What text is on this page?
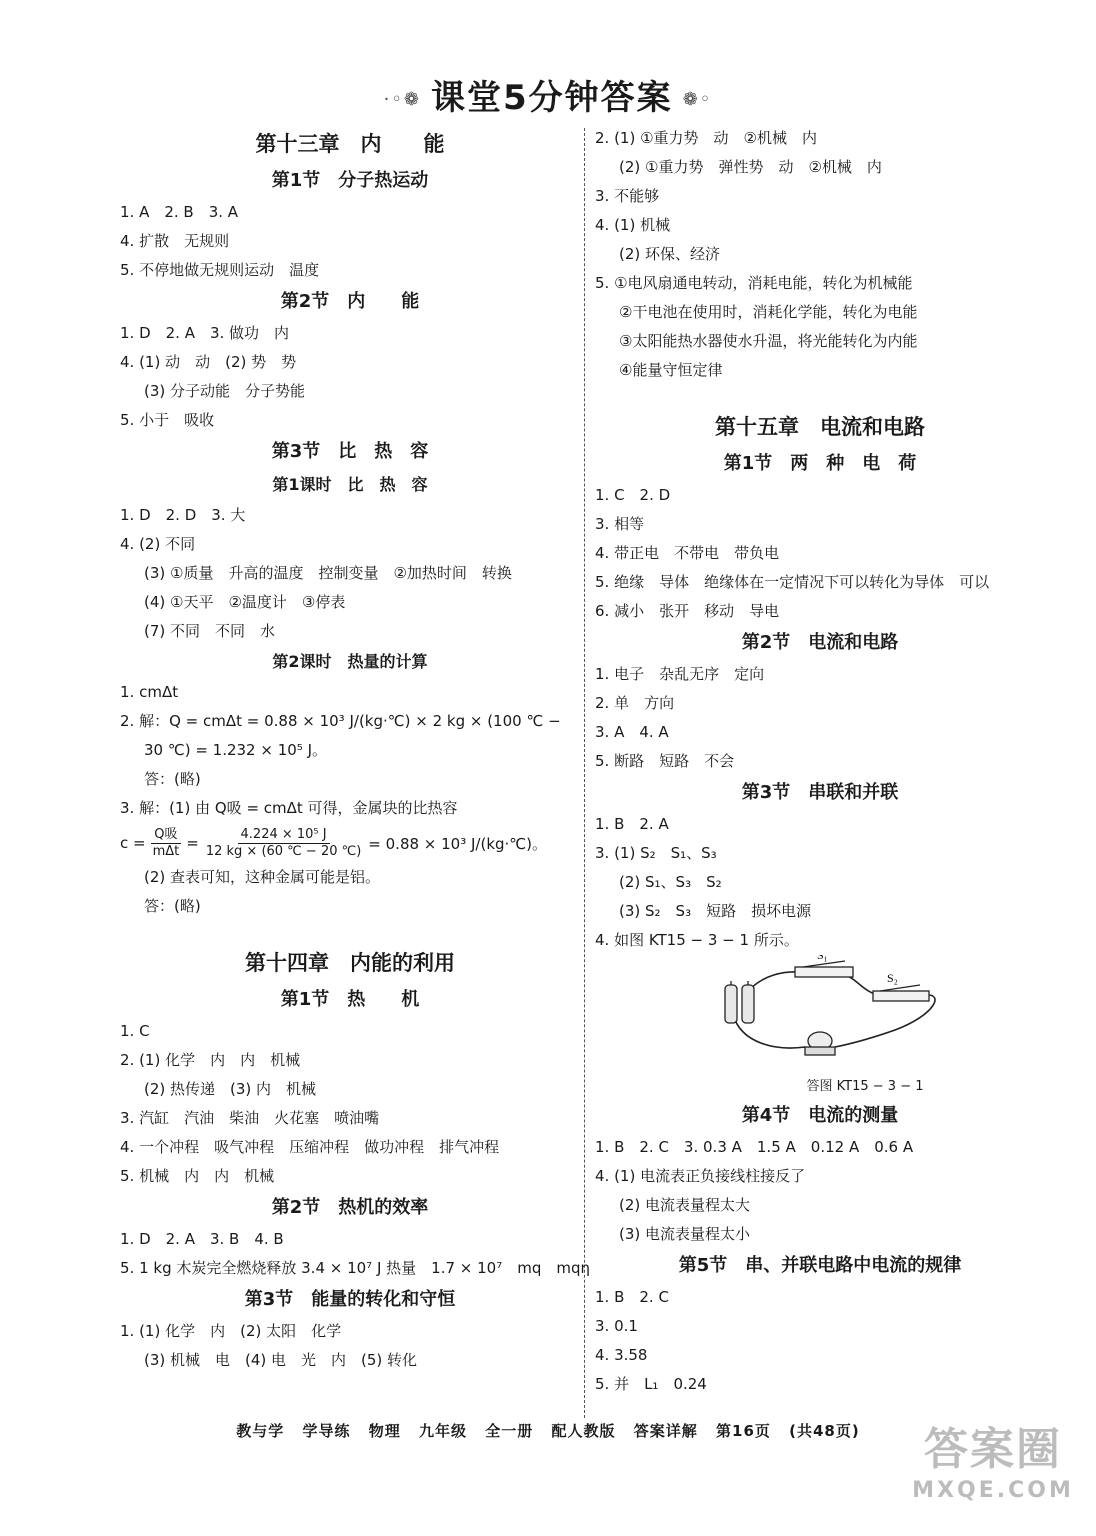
·◦❁ 课堂5分钟答案 ❁◦
第十三章　内　　能
第1节　分子热运动
1. A　2. B　3. A
4. 扩散　无规则
5. 不停地做无规则运动　温度
第2节　内　　能
1. D　2. A　3. 做功　内
4. (1) 动　动　(2) 势　势
(3) 分子动能　分子势能
5. 小于　吸收
第3节　比　热　容
第1课时　比　热　容
1. D　2. D　3. 大
4. (2) 不同
(3) ①质量　升高的温度　控制变量　②加热时间　转换
(4) ①天平　②温度计　③停表
(7) 不同　不同　水
第2课时　热量的计算
1. cmΔt
2. 解：Q = cmΔt = 0.88 × 10³ J/(kg·℃) × 2 kg × (100 ℃ −
30 ℃) = 1.232 × 10⁵ J。
答：(略)
3. 解：(1) 由 Q吸 = cmΔt 可得，金属块的比热容
$c = \frac{\text{Q吸}}{\text{mΔt}} = \frac{\text{4.224 × 10⁵ J}}{12 kg \times (60 ℃ - 20 ℃)} = 0.88 \times 10^3$ J/(kg·℃)。
(2) 查表可知，这种金属可能是铝。
答：(略)
第十四章　内能的利用
第1节　热　　机
1. C
2. (1) 化学　内　内　机械
(2) 热传递　(3) 内　机械
3. 汽缸　汽油　柴油　火花塞　喷油嘴
4. 一个冲程　吸气冲程　压缩冲程　做功冲程　排气冲程
5. 机械　内　内　机械
第2节　热机的效率
1. D　2. A　3. B　4. B
5. 1 kg 木炭完全燃烧释放 3.4 × 10⁷ J 热量　1.7 × 10⁷　mq　mqη
第3节　能量的转化和守恒
1. (1) 化学　内　(2) 太阳　化学
(3) 机械　电　(4) 电　光　内　(5) 转化
2. (1) ①重力势　动　②机械　内
(2) ①重力势　弹性势　动　②机械　内
3. 不能够
4. (1) 机械
(2) 环保、经济
5. ①电风扇通电转动，消耗电能，转化为机械能
②干电池在使用时，消耗化学能，转化为电能
③太阳能热水器使水升温，将光能转化为内能
④能量守恒定律
第十五章　电流和电路
第1节　两　种　电　荷
1. C　2. D
3. 相等
4. 带正电　不带电　带负电
5. 绝缘　导体　绝缘体在一定情况下可以转化为导体　可以
6. 减小　张开　移动　导电
第2节　电流和电路
1. 电子　杂乱无序　定向
2. 单　方向
3. A　4. A
5. 断路　短路　不会
第3节　串联和并联
1. B　2. A
3. (1) S₂　S₁、S₃
(2) S₁、S₃　S₂
(3) S₂　S₃　短路　损坏电源
4. 如图 KT15 − 3 − 1 所示。
S₁
S₂
答图 KT15 − 3 − 1
第4节　电流的测量
1. B　2. C　3. 0.3 A　1.5 A　0.12 A　0.6 A
4. (1) 电流表正负接线柱接反了
(2) 电流表量程太大
(3) 电流表量程太小
第5节　串、并联电路中电流的规律
1. B　2. C
3. 0.1
4. 3.58
5. 并　L₁　0.24
教与学 学导练 物理 九年级 全一册 配人教版 答案详解 第16页 (共48页)	答案圈
MXQE.COM
